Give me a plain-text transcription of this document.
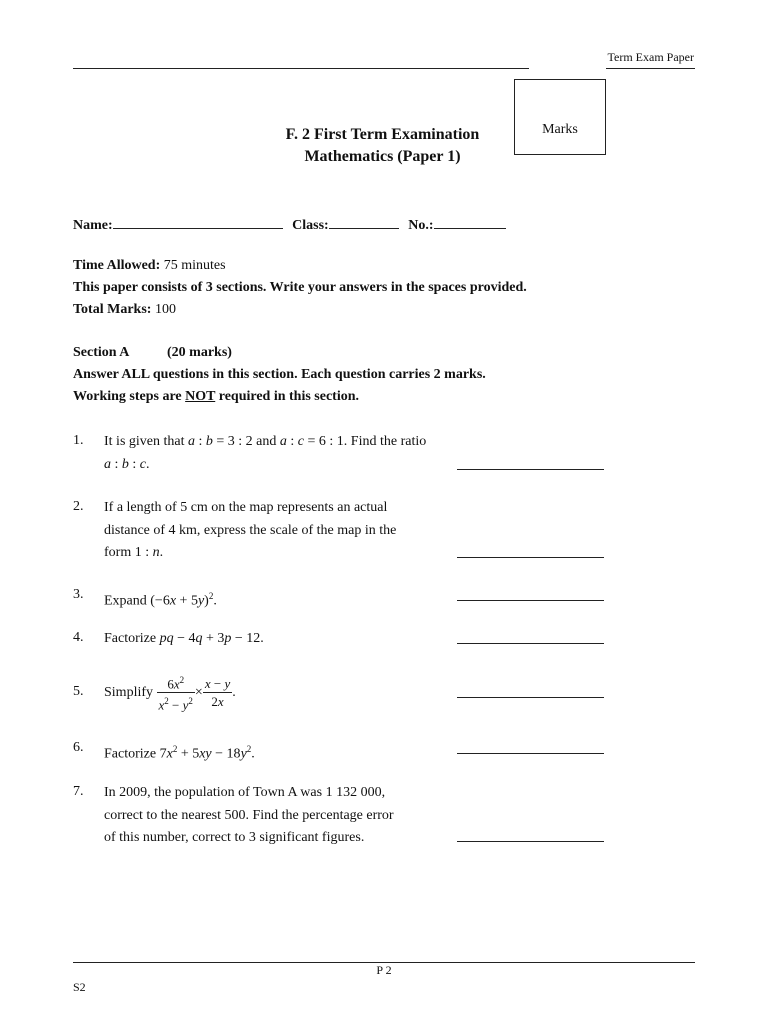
Term Exam Paper
Marks
F. 2 First Term Examination
Mathematics (Paper 1)
Name:	Class:	No.:
Time Allowed: 75 minutes
This paper consists of 3 sections. Write your answers in the spaces provided.
Total Marks: 100
Section A	(20 marks)
Answer ALL questions in this section. Each question carries 2 marks.
Working steps are NOT required in this section.
1. It is given that a : b = 3 : 2 and a : c = 6 : 1. Find the ratio
a : b : c.
2. If a length of 5 cm on the map represents an actual
distance of 4 km, express the scale of the map in the
form 1 : n.
3. Expand $(-6x + 5y)^2$.
4. Factorize pq − 4q + 3p − 12.
5. Simplify $\frac{6x^2}{x^2 - y^2} \times \frac{x - y}{2x}$ .
6. Factorize $7x^2 + 5xy - 18y^2$.
7. In 2009, the population of Town A was 1 132 000,
correct to the nearest 500. Find the percentage error
of this number, correct to 3 significant figures.
P 2
S2
